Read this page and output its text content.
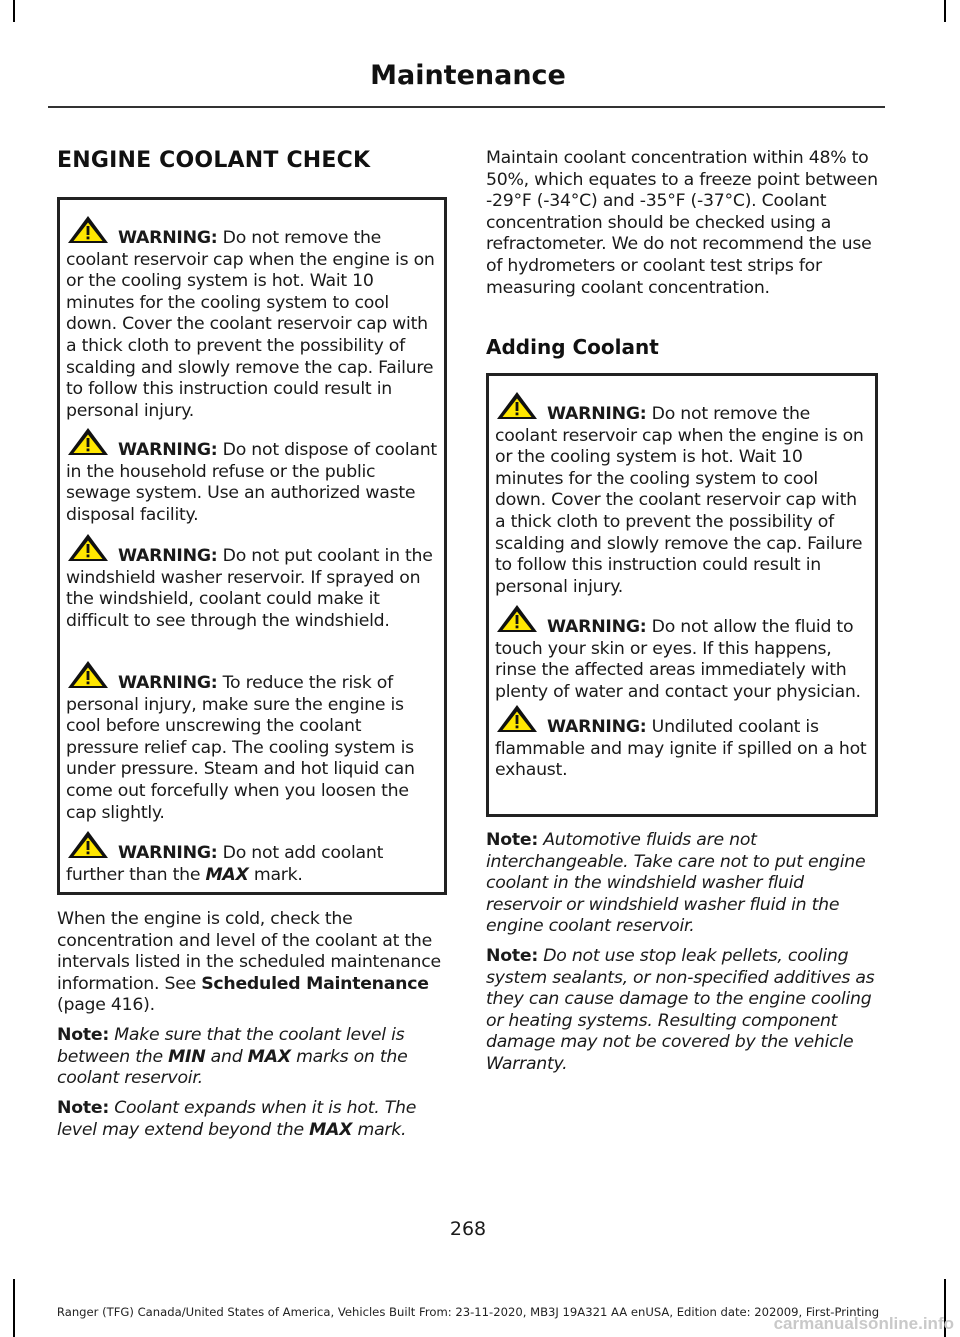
Maintenance
ENGINE COOLANT CHECK
WARNING: Do not remove the coolant reservoir cap when the engine is on or the cooling system is hot. Wait 10 minutes for the cooling system to cool down. Cover the coolant reservoir cap with a thick cloth to prevent the possibility of scalding and slowly remove the cap. Failure to follow this instruction could result in personal injury.
WARNING: Do not dispose of coolant in the household refuse or the public sewage system. Use an authorized waste disposal facility.
WARNING: Do not put coolant in the windshield washer reservoir. If sprayed on the windshield, coolant could make it difficult to see through the windshield.
WARNING: To reduce the risk of personal injury, make sure the engine is cool before unscrewing the coolant pressure relief cap. The cooling system is under pressure. Steam and hot liquid can come out forcefully when you loosen the cap slightly.
WARNING: Do not add coolant further than the MAX mark.

When the engine is cold, check the concentration and level of the coolant at the intervals listed in the scheduled maintenance information. See Scheduled Maintenance (page 416).

Note: Make sure that the coolant level is between the MIN and MAX marks on the coolant reservoir.

Note: Coolant expands when it is hot. The level may extend beyond the MAX mark.

Maintain coolant concentration within 48% to 50%, which equates to a freeze point between -29°F (-34°C) and -35°F (-37°C). Coolant concentration should be checked using a refractometer. We do not recommend the use of hydrometers or coolant test strips for measuring coolant concentration.

Adding Coolant
WARNING: Do not remove the coolant reservoir cap when the engine is on or the cooling system is hot. Wait 10 minutes for the cooling system to cool down. Cover the coolant reservoir cap with a thick cloth to prevent the possibility of scalding and slowly remove the cap. Failure to follow this instruction could result in personal injury.
WARNING: Do not allow the fluid to touch your skin or eyes. If this happens, rinse the affected areas immediately with plenty of water and contact your physician.
WARNING: Undiluted coolant is flammable and may ignite if spilled on a hot exhaust.

Note: Automotive fluids are not interchangeable. Take care not to put engine coolant in the windshield washer fluid reservoir or windshield washer fluid in the engine coolant reservoir.

Note: Do not use stop leak pellets, cooling system sealants, or non-specified additives as they can cause damage to the engine cooling or heating systems. Resulting component damage may not be covered by the vehicle Warranty.

268
Ranger (TFG) Canada/United States of America, Vehicles Built From: 23-11-2020, MB3J 19A321 AA enUSA, Edition date: 202009, First-Printing
carmanualsonline.info
